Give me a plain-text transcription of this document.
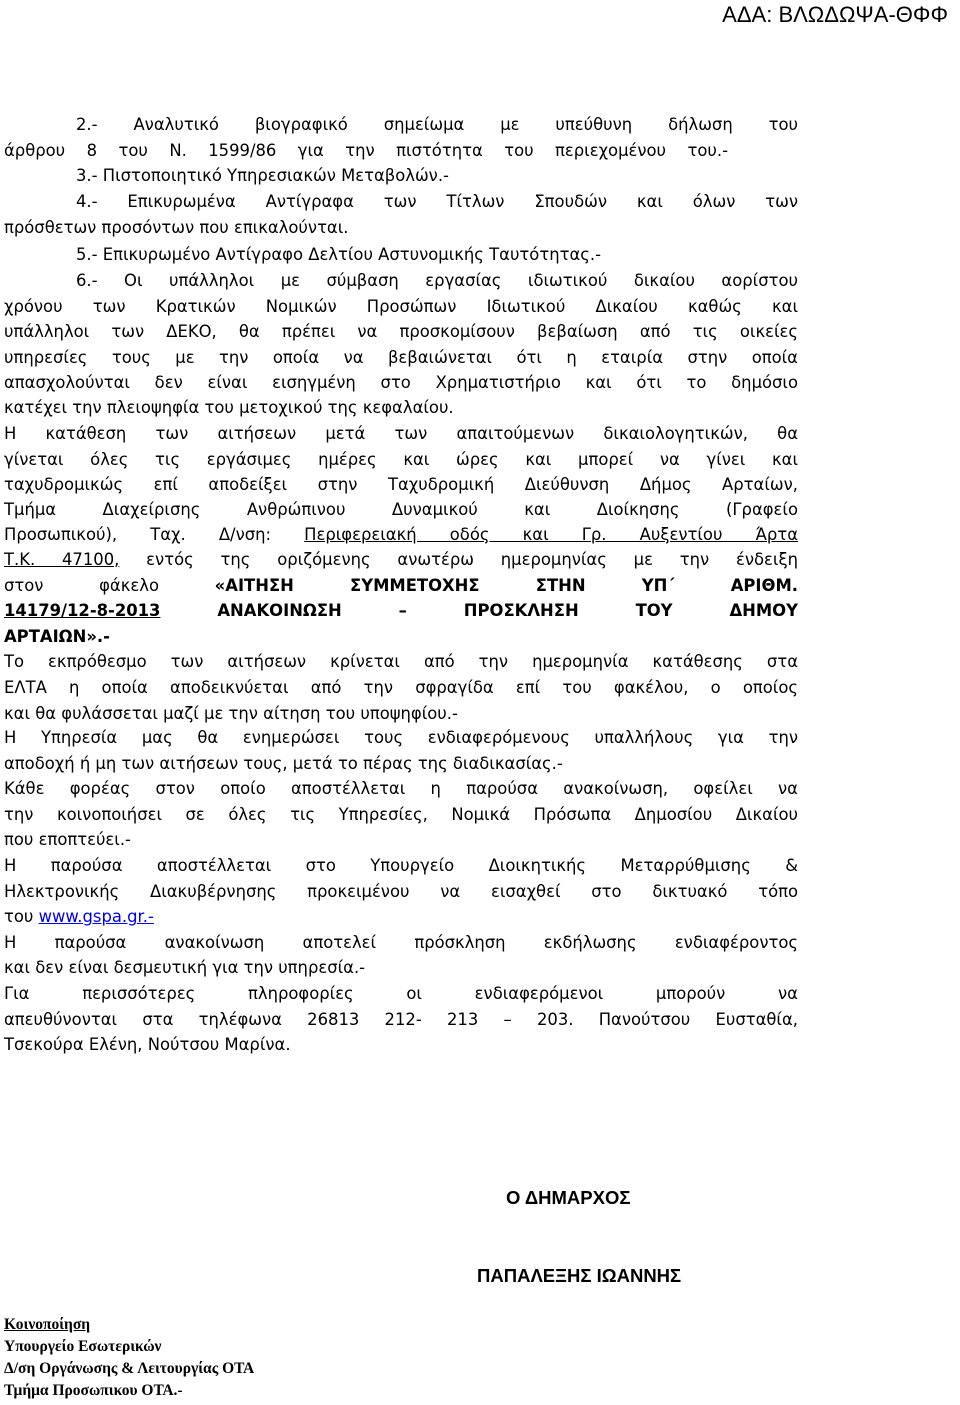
ΑΔΑ: ΒΛΩΔΩΨΑ-ΘΦΦ
2.- Αναλυτικό βιογραφικό σημείωμα με υπεύθυνη δήλωση του
άρθρου 8 του Ν. 1599/86 για την πιστότητα του περιεχομένου του.-
3.- Πιστοποιητικό Υπηρεσιακών Μεταβολών.-
4.- Επικυρωμένα Αντίγραφα των Τίτλων Σπουδών και όλων των
πρόσθετων προσόντων που επικαλούνται.
5.- Επικυρωμένο Αντίγραφο Δελτίου Αστυνομικής Ταυτότητας.-
6.- Οι υπάλληλοι με σύμβαση εργασίας ιδιωτικού δικαίου αορίστου
χρόνου των Κρατικών Νομικών Προσώπων Ιδιωτικού Δικαίου καθώς και
υπάλληλοι των ΔΕΚΟ, θα πρέπει να προσκομίσουν βεβαίωση από τις οικείες
υπηρεσίες τους με την οποία να βεβαιώνεται ότι η εταιρία στην οποία
απασχολούνται δεν είναι εισηγμένη στο Χρηματιστήριο και ότι το δημόσιο
κατέχει την πλειοψηφία του μετοχικού της κεφαλαίου.
Η κατάθεση των αιτήσεων μετά των απαιτούμενων δικαιολογητικών, θα
γίνεται όλες τις εργάσιμες ημέρες και ώρες και μπορεί να γίνει και
ταχυδρομικώς επί αποδείξει στην Ταχυδρομική Διεύθυνση Δήμος Αρταίων,
Τμήμα Διαχείρισης Ανθρώπινου Δυναμικού και Διοίκησης (Γραφείο
Προσωπικού), Ταχ. Δ/νση: Περιφερειακή οδός και Γρ. Αυξεντίου Άρτα
Τ.Κ. 47100, εντός της οριζόμενης ανωτέρω ημερομηνίας με την ένδειξη
στον φάκελο «ΑΙΤΗΣΗ ΣΥΜΜΕΤΟΧΗΣ ΣΤΗΝ ΥΠ΄ ΑΡΙΘΜ.
14179/12-8-2013	ΑΝΑΚΟΙΝΩΣΗ – ΠΡΟΣΚΛΗΣΗ ΤΟΥ ΔΗΜΟΥ
ΑΡΤΑΙΩΝ».-
Το εκπρόθεσμο των αιτήσεων κρίνεται από την ημερομηνία κατάθεσης στα
ΕΛΤΑ η οποία αποδεικνύεται από την σφραγίδα επί του φακέλου, ο οποίος
και θα φυλάσσεται μαζί με την αίτηση του υποψηφίου.-
Η Υπηρεσία μας θα ενημερώσει τους ενδιαφερόμενους υπαλλήλους για την
αποδοχή ή μη των αιτήσεων τους, μετά το πέρας της διαδικασίας.-
Κάθε φορέας στον οποίο αποστέλλεται η παρούσα ανακοίνωση, οφείλει να
την κοινοποιήσει σε όλες τις Υπηρεσίες, Νομικά Πρόσωπα Δημοσίου Δικαίου
που εποπτεύει.-
Η παρούσα αποστέλλεται στο Υπουργείο Διοικητικής Μεταρρύθμισης &
Ηλεκτρονικής Διακυβέρνησης προκειμένου να εισαχθεί στο δικτυακό τόπο
του www.gspa.gr.-
Η παρούσα ανακοίνωση αποτελεί πρόσκληση εκδήλωσης ενδιαφέροντος
και δεν είναι δεσμευτική για την υπηρεσία.-
Για περισσότερες πληροφορίες οι ενδιαφερόμενοι μπορούν να
απευθύνονται στα τηλέφωνα 26813 212- 213 – 203. Πανούτσου Ευσταθία,
Τσεκούρα Ελένη, Νούτσου Μαρίνα.
Ο ΔΗΜΑΡΧΟΣ
ΠΑΠΑΛΕΞΗΣ ΙΩΑΝΝΗΣ
Κοινοποίηση
Υπουργείο Εσωτερικών
Δ/ση Οργάνωσης & Λειτουργίας ΟΤΑ
Τμήμα Προσωπικου ΟΤΑ.-
